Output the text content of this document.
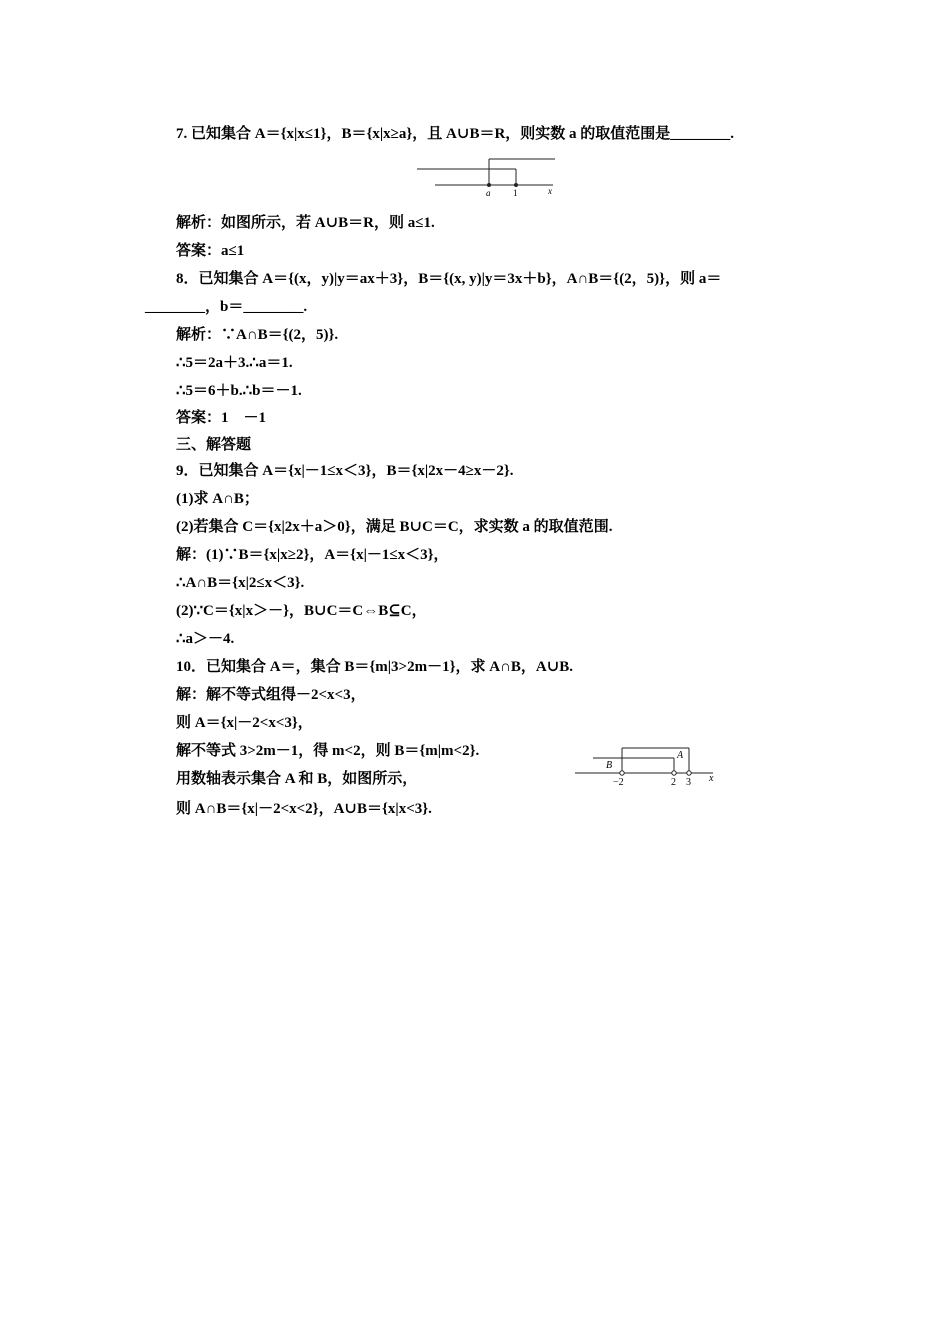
7. 已知集合 A＝{x|x≤1}，B＝{x|x≥a}，且 A∪B＝R，则实数 a 的取值范围是________.
a	1	x
解析：如图所示，若 A∪B＝R，则 a≤1.
答案：a≤1
8．已知集合 A＝{(x，y)|y＝ax＋3}，B＝{(x, y)|y＝3x＋b}，A∩B＝{(2，5)}，则 a＝
________，b＝________.
解析：∵A∩B＝{(2，5)}.
∴5＝2a＋3.∴a＝1.
∴5＝6＋b.∴b＝－1.
答案：1　－1
三、解答题
9．已知集合 A＝{x|－1≤x＜3}，B＝{x|2x－4≥x－2}.
(1)求 A∩B；
(2)若集合 C＝{x|2x＋a＞0}，满足 B∪C＝C，求实数 a 的取值范围.
解：(1)∵B＝{x|x≥2}，A＝{x|－1≤x＜3}，
∴A∩B＝{x|2≤x＜3}.
(2)∵C＝{x|x＞－}，B∪C＝C⇔B⊆C，
∴a＞－4.
10．已知集合 A＝，集合 B＝{m|3>2m－1}，求 A∩B，A∪B.
解：解不等式组得－2<x<3，
则 A＝{x|－2<x<3}，
解不等式 3>2m－1，得 m<2，则 B＝{m|m<2}.
用数轴表示集合 A 和 B，如图所示，
B
A
−2	2 3 x
则 A∩B＝{x|－2<x<2}，A∪B＝{x|x<3}.
